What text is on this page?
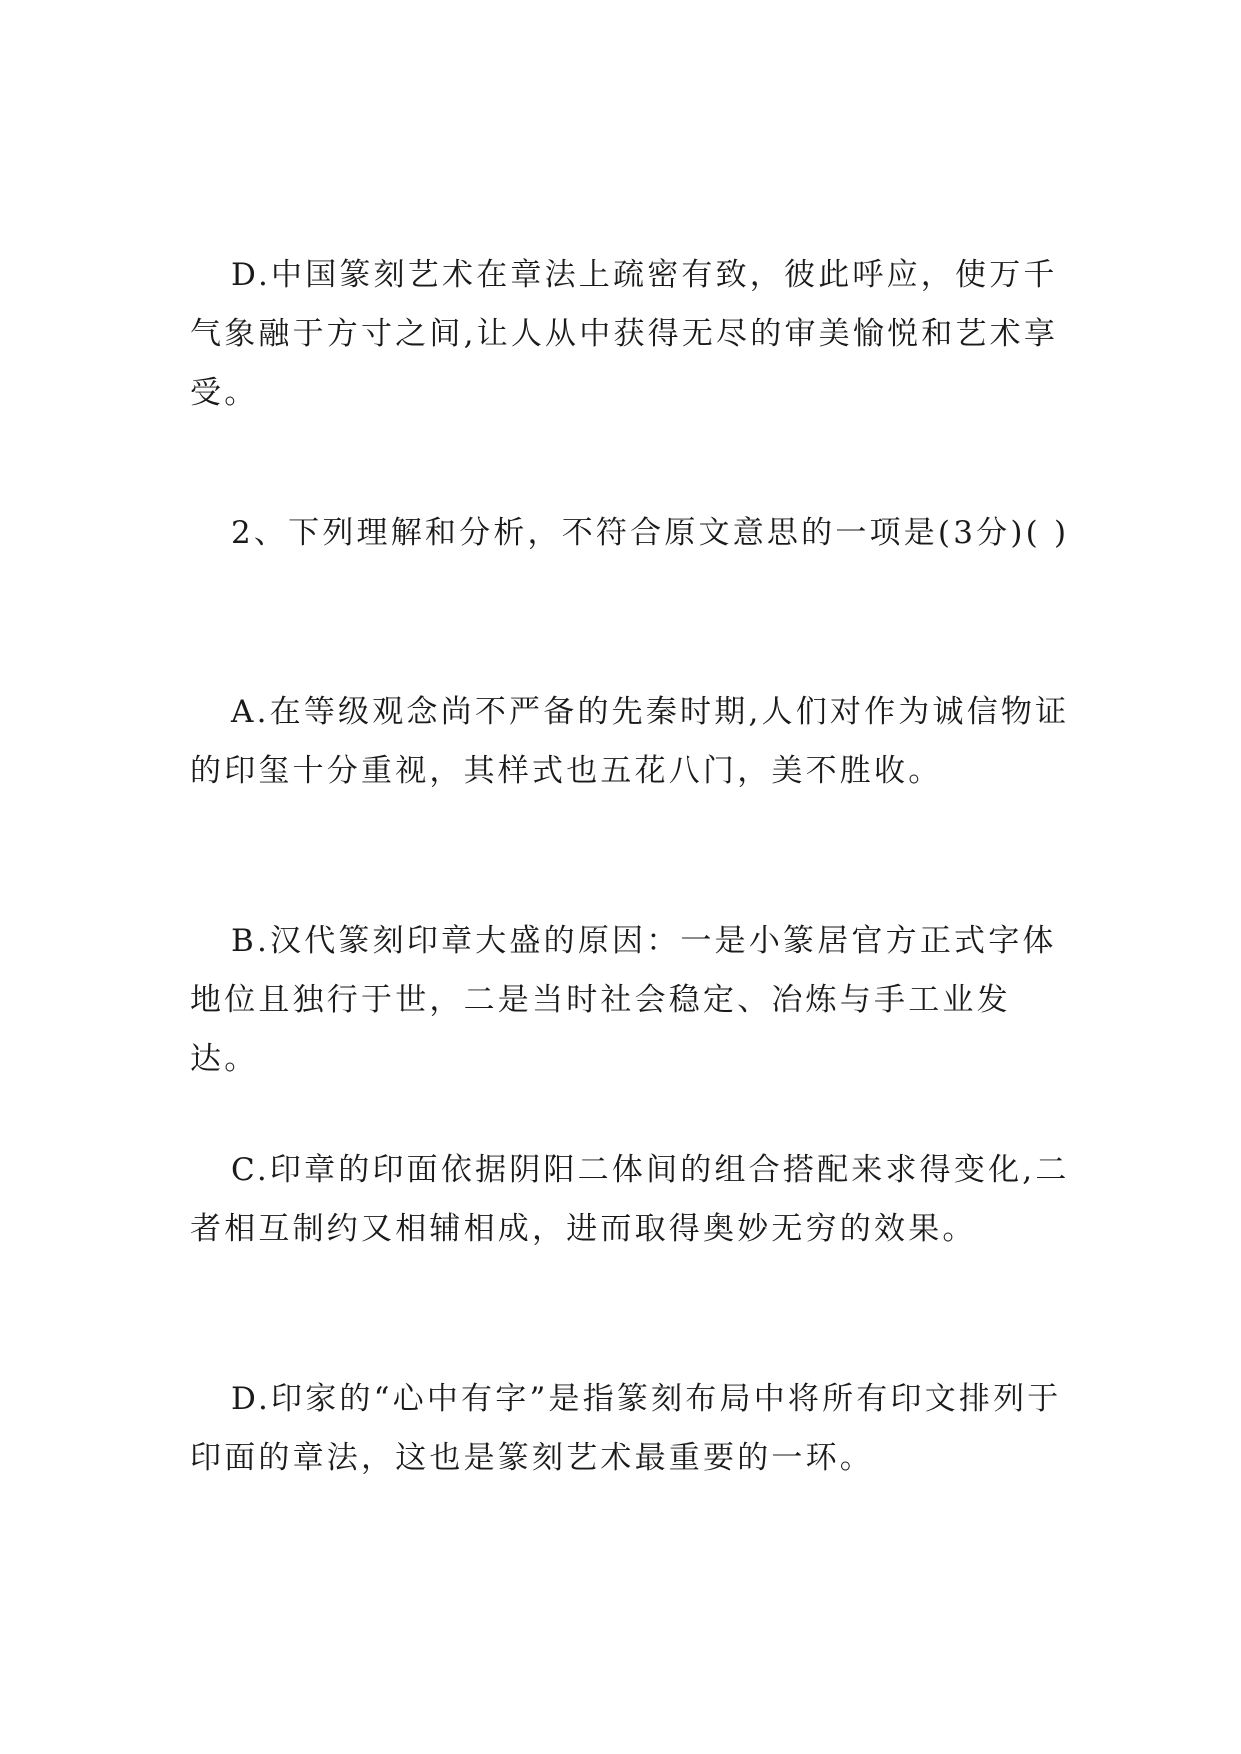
D.中国篆刻艺术在章法上疏密有致，彼此呼应，使万千气象融于方寸之间,让人从中获得无尽的审美愉悦和艺术享受。

2、下列理解和分析，不符合原文意思的一项是(3分)( )

A.在等级观念尚不严备的先秦时期,人们对作为诚信物证的印玺十分重视，其样式也五花八门，美不胜收。

B.汉代篆刻印章大盛的原因：一是小篆居官方正式字体地位且独行于世，二是当时社会稳定、冶炼与手工业发达。

C.印章的印面依据阴阳二体间的组合搭配来求得变化,二者相互制约又相辅相成，进而取得奥妙无穷的效果。

D.印家的“心中有字”是指篆刻布局中将所有印文排列于印面的章法，这也是篆刻艺术最重要的一环。
